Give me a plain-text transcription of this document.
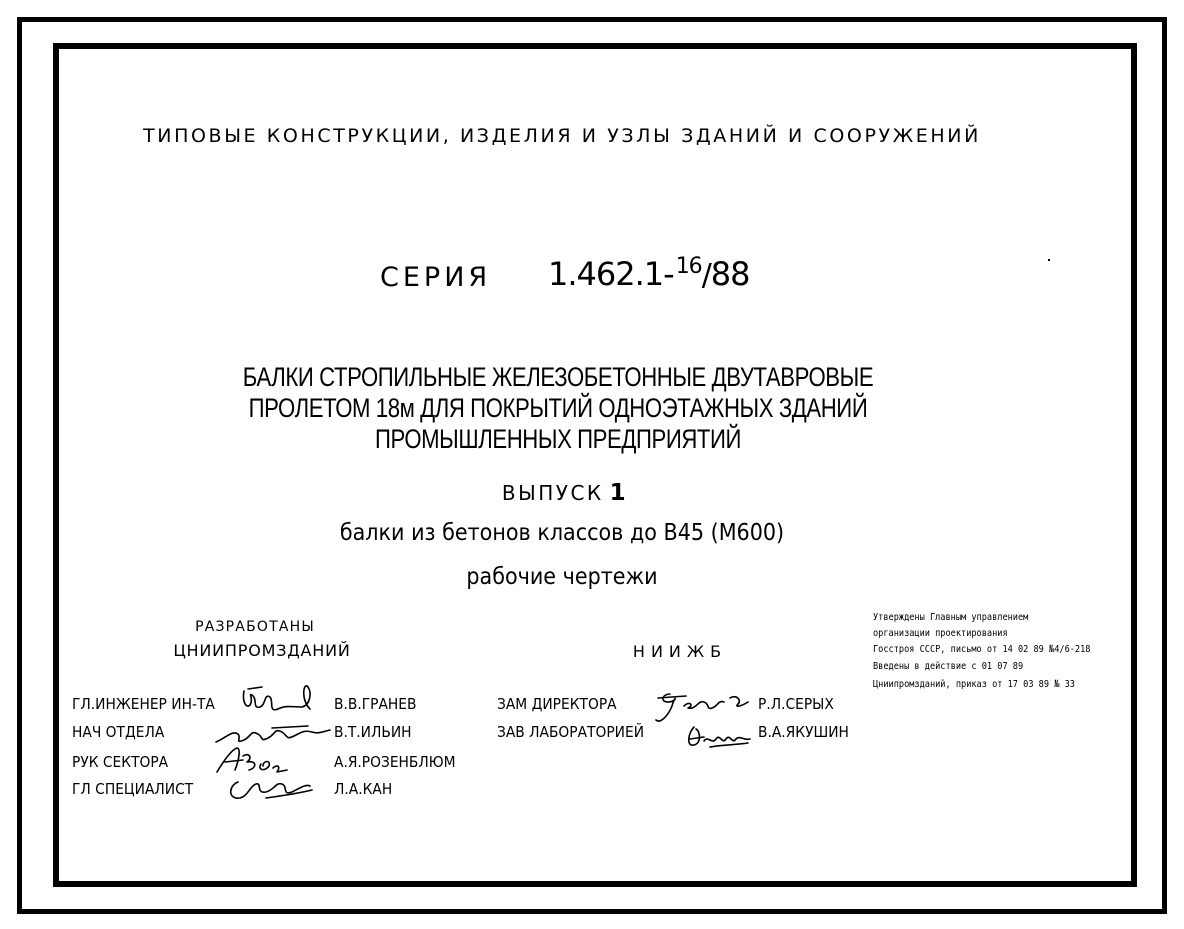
ТИПОВЫЕ КОНСТРУКЦИИ, ИЗДЕЛИЯ И УЗЛЫ ЗДАНИЙ И СООРУЖЕНИЙ
СЕРИЯ 1.462.1-$^{16}$/88
БАЛКИ СТРОПИЛЬНЫЕ ЖЕЛЕЗОБЕТОННЫЕ ДВУТАВРОВЫЕ
ПРОЛЕТОМ 18м ДЛЯ ПОКРЫТИЙ ОДНОЭТАЖНЫХ ЗДАНИЙ
ПРОМЫШЛЕННЫХ ПРЕДПРИЯТИЙ
ВЫПУСК 1
балки из бетонов классов до В45 (М600)
рабочие чертежи
РАЗРАБОТАНЫ
ЦНИИПРОМЗДАНИЙ	НИИЖБ
Утверждены Главным управлением
организации проектирования
Госстроя СССР, письмо от 14 02 89 №4/6-218
Введены в действие с 01 07 89
Цниипромзданий, приказ от 17 03 89 № 33
ГЛ.ИНЖЕНЕР ИН-ТА	В.В.ГРАНЕВ
НАЧ ОТДЕЛА	В.Т.ИЛЬИН
РУК СЕКТОРА	А.Я.РОЗЕНБЛЮМ
ГЛ СПЕЦИАЛИСТ	Л.А.КАН
ЗАМ ДИРЕКТОРА	Р.Л.СЕРЫХ
ЗАВ ЛАБОРАТОРИЕЙ	В.А.ЯКУШИН
